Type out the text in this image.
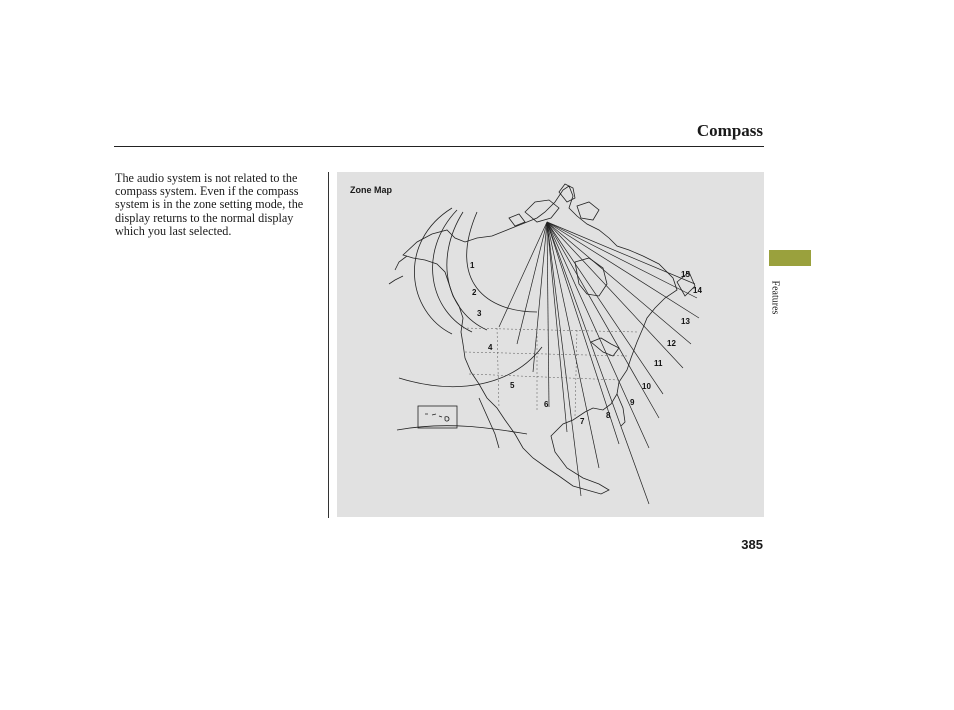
Compass

The audio system is not related to the compass system. Even if the compass system is in the zone setting mode, the display returns to the normal display which you last selected.

Zone Map
1
2
3
4
5
6
7
8
9
10
11
12
13
14
15
Features
385
